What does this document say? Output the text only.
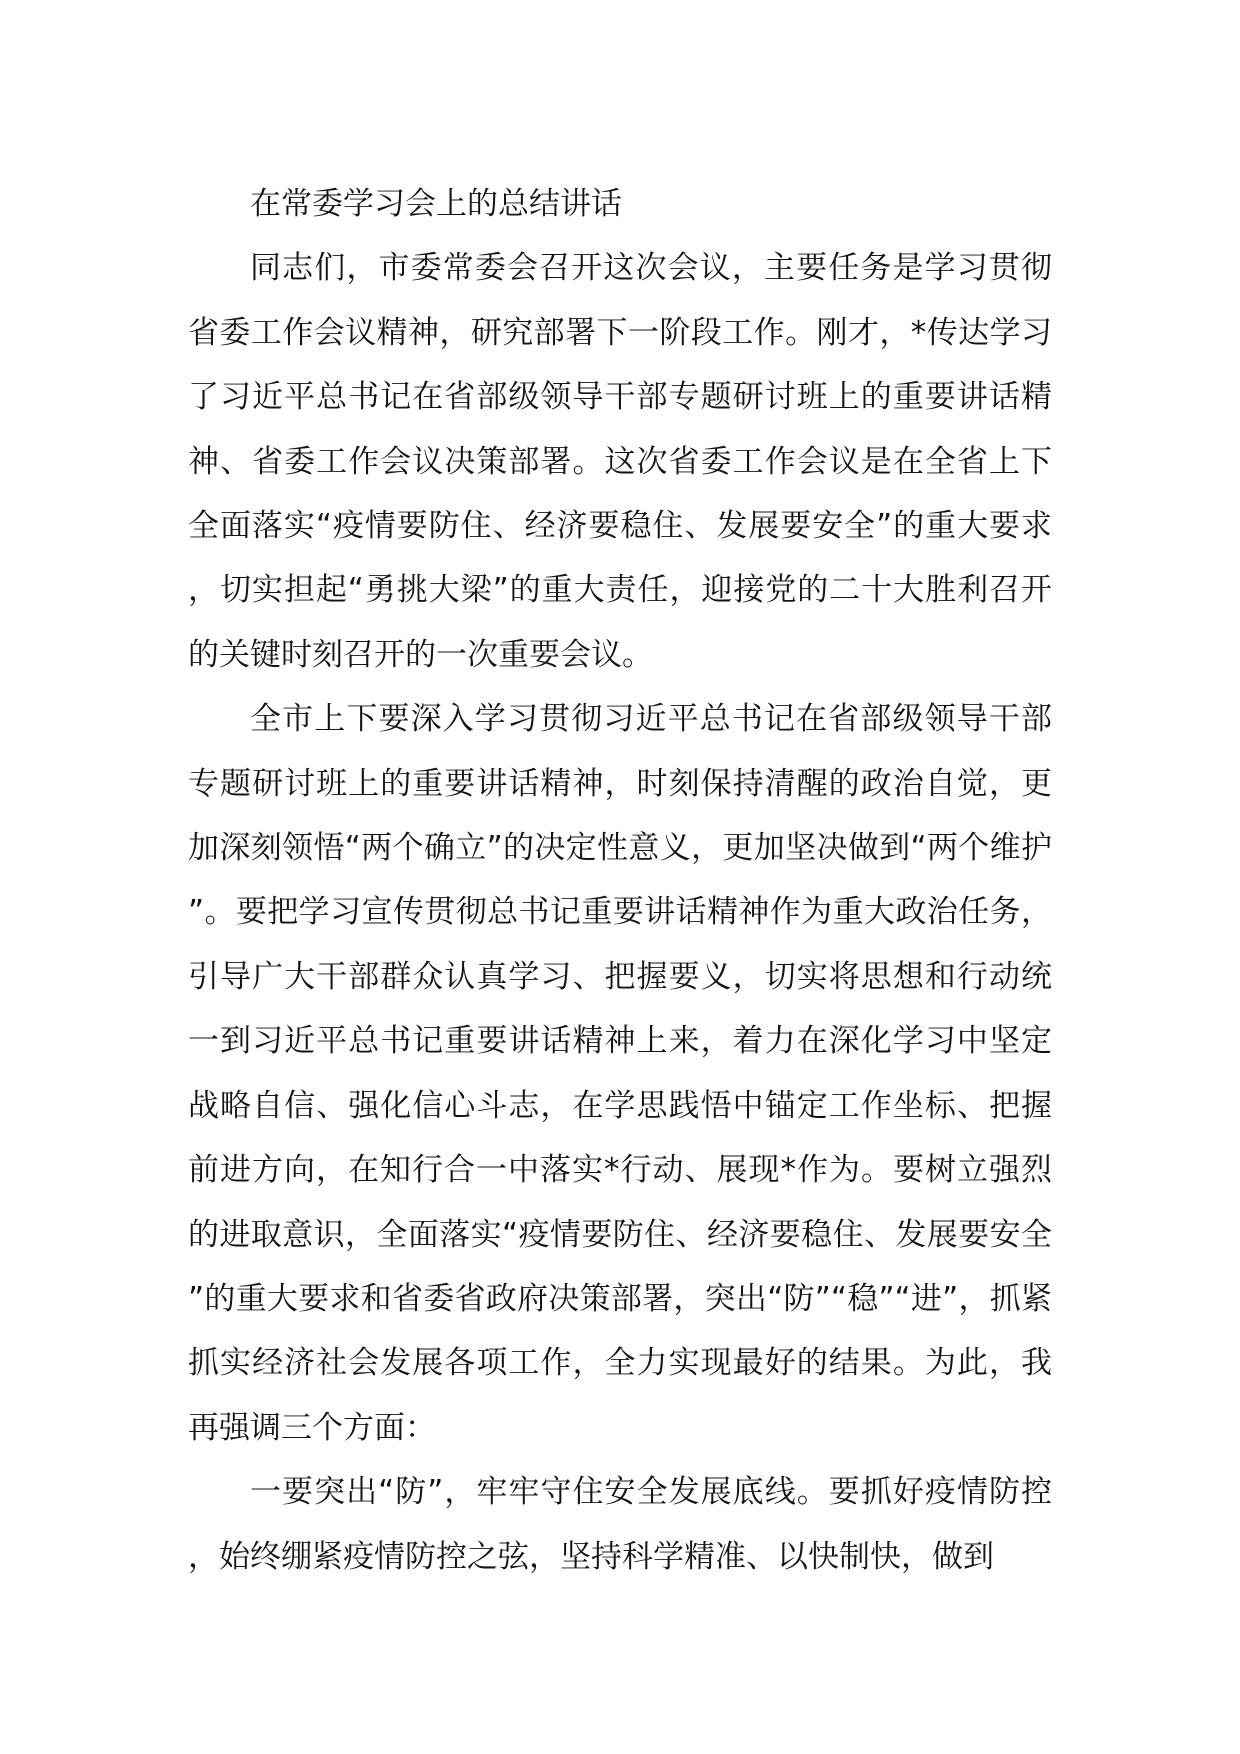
在常委学习会上的总结讲话

同志们，市委常委会召开这次会议，主要任务是学习贯彻省委工作会议精神，研究部署下一阶段工作。刚才，*传达学习了习近平总书记在省部级领导干部专题研讨班上的重要讲话精神、省委工作会议决策部署。这次省委工作会议是在全省上下全面落实“疫情要防住、经济要稳住、发展要安全”的重大要求，切实担起“勇挑大梁”的重大责任，迎接党的二十大胜利召开的关键时刻召开的一次重要会议。

全市上下要深入学习贯彻习近平总书记在省部级领导干部专题研讨班上的重要讲话精神，时刻保持清醒的政治自觉，更加深刻领悟“两个确立”的决定性意义，更加坚决做到“两个维护”。要把学习宣传贯彻总书记重要讲话精神作为重大政治任务，引导广大干部群众认真学习、把握要义，切实将思想和行动统一到习近平总书记重要讲话精神上来，着力在深化学习中坚定战略自信、强化信心斗志，在学思践悟中锚定工作坐标、把握前进方向，在知行合一中落实*行动、展现*作为。要树立强烈的进取意识，全面落实“疫情要防住、经济要稳住、发展要安全”的重大要求和省委省政府决策部署，突出“防”“稳”“进”，抓紧抓实经济社会发展各项工作，全力实现最好的结果。为此，我再强调三个方面：

一要突出“防”，牢牢守住安全发展底线。要抓好疫情防控，始终绷紧疫情防控之弦，坚持科学精准、以快制快，做到
